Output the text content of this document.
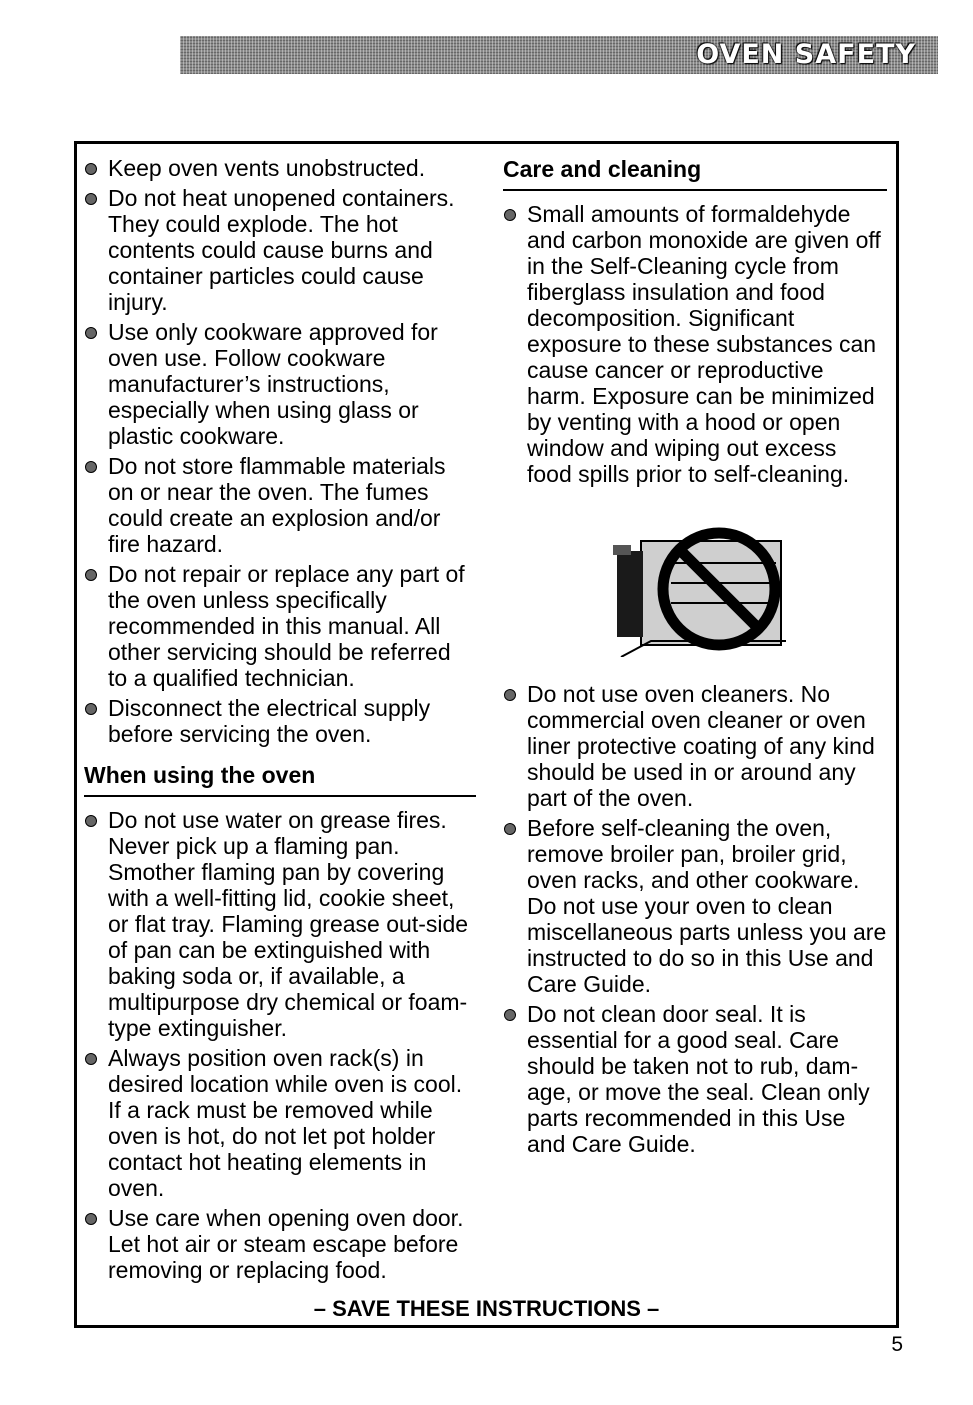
OVEN SAFETY
Keep oven vents unobstructed.
Do not heat unopened containers. They could explode. The hot contents could cause burns and container particles could cause injury.
Use only cookware approved for oven use. Follow cookware manufacturer’s instructions, especially when using glass or plastic cookware.
Do not store flammable materials on or near the oven. The fumes could create an explosion and/or fire hazard.
Do not repair or replace any part of the oven unless specifically recommended in this manual. All other servicing should be referred to a qualified technician.
Disconnect the electrical supply before servicing the oven.
When using the oven
Do not use water on grease fires. Never pick up a flaming pan. Smother flaming pan by covering with a well-fitting lid, cookie sheet, or flat tray. Flaming grease out-side of pan can be extinguished with baking soda or, if available, a multipurpose dry chemical or foam-type extinguisher.
Always position oven rack(s) in desired location while oven is cool. If a rack must be removed while oven is hot, do not let pot holder contact hot heating elements in oven.
Use care when opening oven door. Let hot air or steam escape before removing or replacing food.
Care and cleaning
Small amounts of formaldehyde and carbon monoxide are given off in the Self-Cleaning cycle from fiberglass insulation and food decomposition. Significant exposure to these substances can cause cancer or reproductive harm. Exposure can be minimized by venting with a hood or open window and wiping out excess food spills prior to self-cleaning.
Do not use oven cleaners. No commercial oven cleaner or oven liner protective coating of any kind should be used in or around any part of the oven.
Before self-cleaning the oven, remove broiler pan, broiler grid, oven racks, and other cookware. Do not use your oven to clean miscellaneous parts unless you are instructed to do so in this Use and Care Guide.
Do not clean door seal. It is essential for a good seal. Care should be taken not to rub, dam-age, or move the seal. Clean only parts recommended in this Use and Care Guide.
– SAVE THESE INSTRUCTIONS –
5
